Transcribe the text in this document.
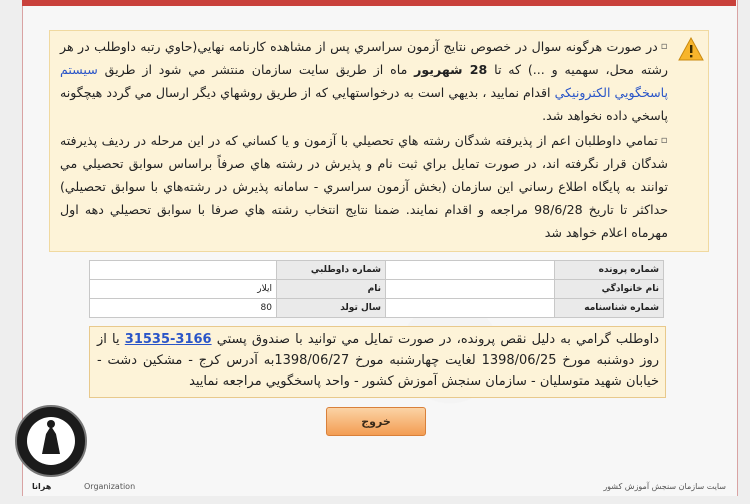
▫در صورت هرگونه سوال در خصوص نتايج آزمون سراسري پس از مشاهده كارنامه نهايي(حاوي رتبه داوطلب در هر رشته محل، سهميه و ...) كه تا 28 شهريور ماه از طريق سايت سازمان منتشر مي شود از طريق سيستم پاسخگويي الكترونيكي اقدام نماييد ، بديهي است به درخواستهايي كه از طريق روشهاي ديگر ارسال مي گردد هيچگونه پاسخي داده نخواهد شد.

▫تمامي داوطلبان اعم از پذيرفته شدگان رشته هاي تحصيلي با آزمون و يا كساني كه در اين مرحله در رديف پذيرفته شدگان قرار نگرفته اند، در صورت تمايل براي ثبت نام و پذيرش در رشته هاي صرفاً براساس سوابق تحصيلي مي توانند به پايگاه اطلاع رساني اين سازمان (بخش آزمون سراسري - سامانه پذيرش در رشته‌هاي با سوابق تحصيلي) حداكثر تا تاريخ 98/6/28 مراجعه و اقدام نمايند. ضمنا نتايج انتخاب رشته هاي صرفا با سوابق تحصيلي دهه اول مهرماه اعلام خواهد شد

شماره پرونده		شماره داوطلبي	
نام خانوادگي		نام	ايلار
شماره شناسنامه		سال تولد	80
داوطلب گرامي به دليل نقص پرونده، در صورت تمايل مي توانيد با صندوق پستي 3166-31535 يا از روز دوشنبه مورخ 1398/06/25 لغايت چهارشنبه مورخ 1398/06/27به آدرس كرج - مشكين دشت - خيابان شهيد متوسليان - سازمان سنجش آموزش كشور - واحد پاسخگويي مراجعه نماييد
خروج
سايت سازمان سنجش آموزش كشور
Organization
هرانا
